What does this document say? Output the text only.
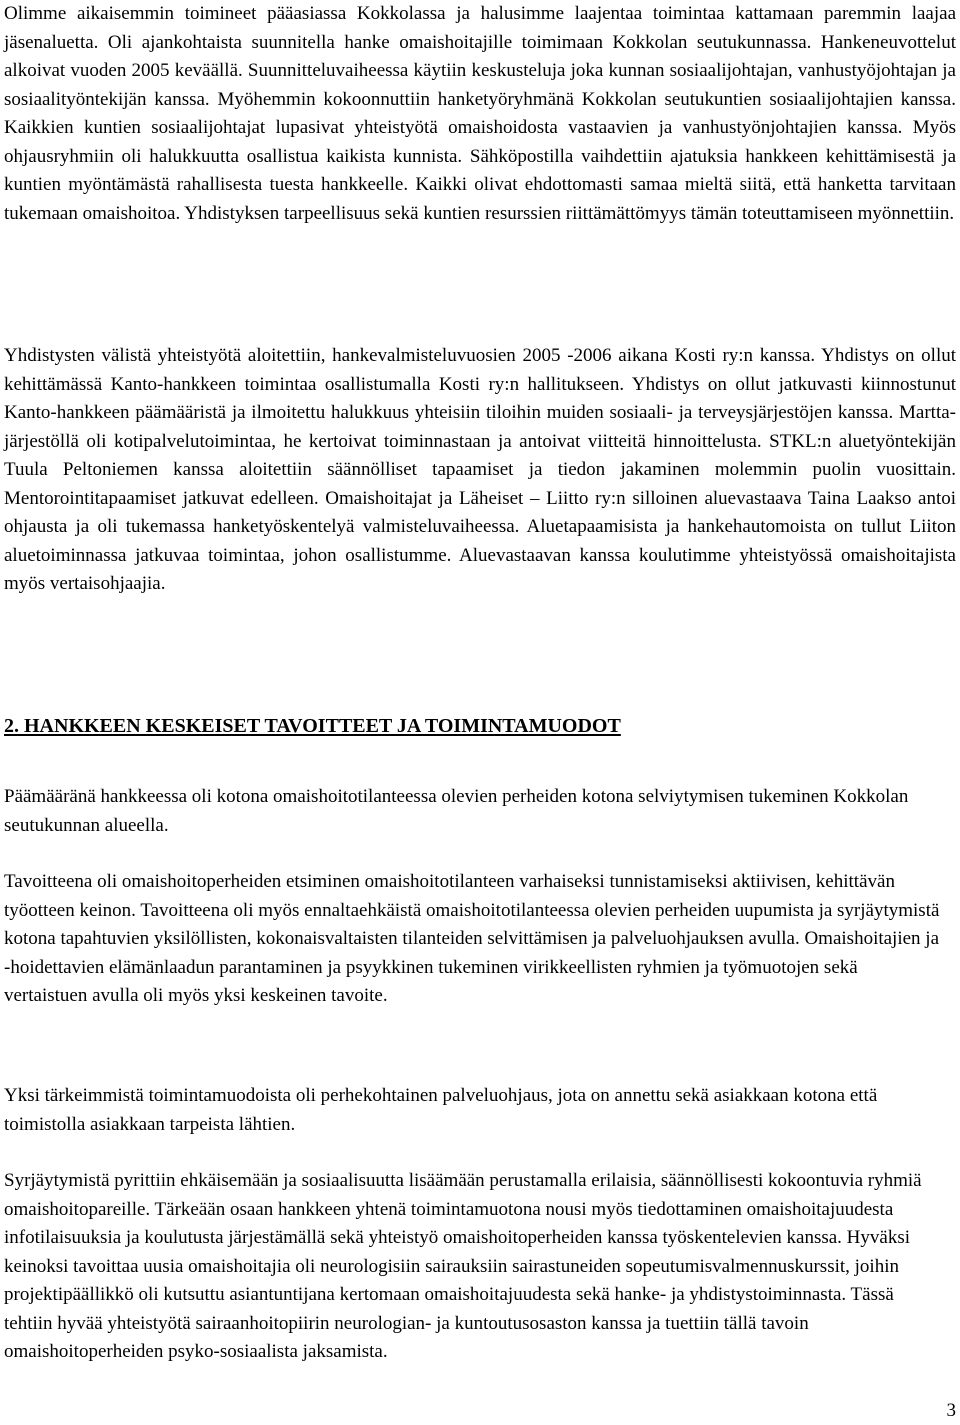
Olimme aikaisemmin toimineet pääasiassa Kokkolassa ja halusimme laajentaa toimintaa kattamaan paremmin laajaa jäsenaluetta. Oli ajankohtaista suunnitella hanke omaishoitajille toimimaan Kokkolan seutukunnassa. Hankeneuvottelut alkoivat vuoden 2005 keväällä. Suunnitteluvaiheessa käytiin keskusteluja joka kunnan sosiaalijohtajan, vanhustyöjohtajan ja sosiaalityöntekijän kanssa. Myöhemmin kokoonnuttiin hanketyöryhmänä Kokkolan seutukuntien sosiaalijohtajien kanssa. Kaikkien kuntien sosiaalijohtajat lupasivat yhteistyötä omaishoidosta vastaavien ja vanhustyönjohtajien kanssa. Myös ohjausryhmiin oli halukkuutta osallistua kaikista kunnista. Sähköpostilla vaihdettiin ajatuksia hankkeen kehittämisestä ja kuntien myöntämästä rahallisesta tuesta hankkeelle. Kaikki olivat ehdottomasti samaa mieltä siitä, että hanketta tarvitaan tukemaan omaishoitoa. Yhdistyksen tarpeellisuus sekä kuntien resurssien riittämättömyys tämän toteuttamiseen myönnettiin.

Yhdistysten välistä yhteistyötä aloitettiin, hankevalmisteluvuosien 2005 -2006 aikana Kosti ry:n kanssa. Yhdistys on ollut kehittämässä Kanto-hankkeen toimintaa osallistumalla Kosti ry:n hallitukseen. Yhdistys on ollut jatkuvasti kiinnostunut Kanto-hankkeen päämääristä ja ilmoitettu halukkuus yhteisiin tiloihin muiden sosiaali- ja terveysjärjestöjen kanssa. Martta-järjestöllä oli kotipalvelutoimintaa, he kertoivat toiminnastaan ja antoivat viitteitä hinnoittelusta. STKL:n aluetyöntekijän Tuula Peltoniemen kanssa aloitettiin säännölliset tapaamiset ja tiedon jakaminen molemmin puolin vuosittain. Mentorointitapaamiset jatkuvat edelleen. Omaishoitajat ja Läheiset – Liitto ry:n silloinen aluevastaava Taina Laakso antoi ohjausta ja oli tukemassa hanketyöskentelyä valmisteluvaiheessa. Aluetapaamisista ja hankehautomoista on tullut Liiton aluetoiminnassa jatkuvaa toimintaa, johon osallistumme. Aluevastaavan kanssa koulutimme yhteistyössä omaishoitajista myös vertaisohjaajia.

2. HANKKEEN KESKEISET TAVOITTEET JA TOIMINTAMUODOT

Päämääränä hankkeessa oli kotona omaishoitotilanteessa olevien perheiden kotona selviytymisen tukeminen Kokkolan seutukunnan alueella.

Tavoitteena oli omaishoitoperheiden etsiminen omaishoitotilanteen varhaiseksi tunnistamiseksi aktiivisen, kehittävän työotteen keinon. Tavoitteena oli myös ennaltaehkäistä omaishoitotilanteessa olevien perheiden uupumista ja syrjäytymistä kotona tapahtuvien yksilöllisten, kokonaisvaltaisten tilanteiden selvittämisen ja palveluohjauksen avulla. Omaishoitajien ja -hoidettavien elämänlaadun parantaminen ja psyykkinen tukeminen virikkeellisten ryhmien ja työmuotojen sekä vertaistuen avulla oli myös yksi keskeinen tavoite.

Yksi tärkeimmistä toimintamuodoista oli perhekohtainen palveluohjaus, jota on annettu sekä asiakkaan kotona että toimistolla asiakkaan tarpeista lähtien.

Syrjäytymistä pyrittiin ehkäisemään ja sosiaalisuutta lisäämään perustamalla erilaisia, säännöllisesti kokoontuvia ryhmiä omaishoitopareille. Tärkeään osaan hankkeen yhtenä toimintamuotona nousi myös tiedottaminen omaishoitajuudesta infotilaisuuksia ja koulutusta järjestämällä sekä yhteistyö omaishoitoperheiden kanssa työskentelevien kanssa. Hyväksi keinoksi tavoittaa uusia omaishoitajia oli neurologisiin sairauksiin sairastuneiden sopeutumisvalmennuskurssit, joihin projektipäällikkö oli kutsuttu asiantuntijana kertomaan omaishoitajuudesta sekä hanke- ja yhdistystoiminnasta. Tässä tehtiin hyvää yhteistyötä sairaanhoitopiirin neurologian- ja kuntoutusosaston kanssa ja tuettiin tällä tavoin omaishoitoperheiden psyko-sosiaalista jaksamista.

3
